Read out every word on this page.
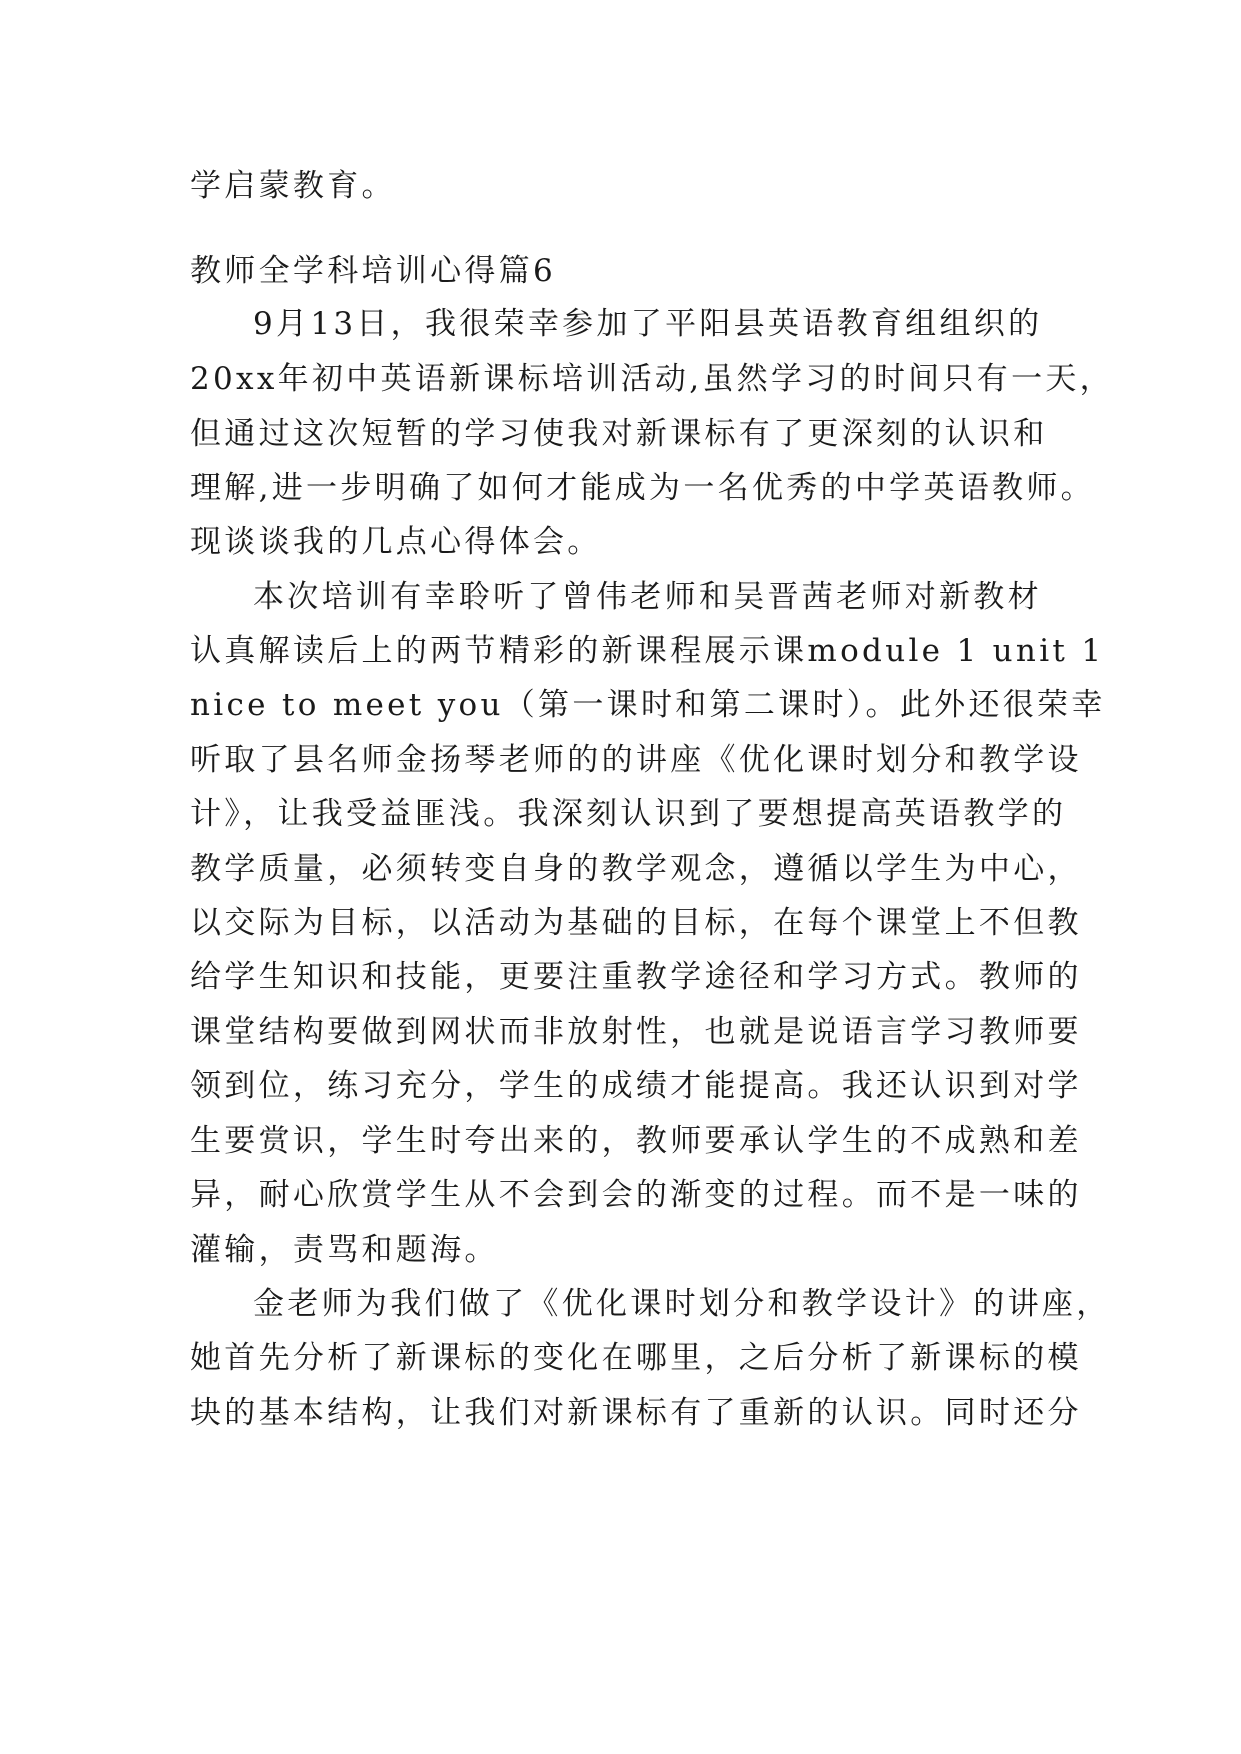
学启蒙教育。
教师全学科培训心得篇6
9月13日，我很荣幸参加了平阳县英语教育组组织的
20xx年初中英语新课标培训活动,虽然学习的时间只有一天，
但通过这次短暂的学习使我对新课标有了更深刻的认识和
理解,进一步明确了如何才能成为一名优秀的中学英语教师。
现谈谈我的几点心得体会。
本次培训有幸聆听了曾伟老师和吴晋茜老师对新教材
认真解读后上的两节精彩的新课程展示课module 1 unit 1
nice to meet you（第一课时和第二课时）。此外还很荣幸
听取了县名师金扬琴老师的的讲座《优化课时划分和教学设
计》，让我受益匪浅。我深刻认识到了要想提高英语教学的
教学质量，必须转变自身的教学观念，遵循以学生为中心，
以交际为目标，以活动为基础的目标，在每个课堂上不但教
给学生知识和技能，更要注重教学途径和学习方式。教师的
课堂结构要做到网状而非放射性，也就是说语言学习教师要
领到位，练习充分，学生的成绩才能提高。我还认识到对学
生要赏识，学生时夸出来的，教师要承认学生的不成熟和差
异，耐心欣赏学生从不会到会的渐变的过程。而不是一味的
灌输，责骂和题海。
金老师为我们做了《优化课时划分和教学设计》的讲座，
她首先分析了新课标的变化在哪里，之后分析了新课标的模
块的基本结构，让我们对新课标有了重新的认识。同时还分
